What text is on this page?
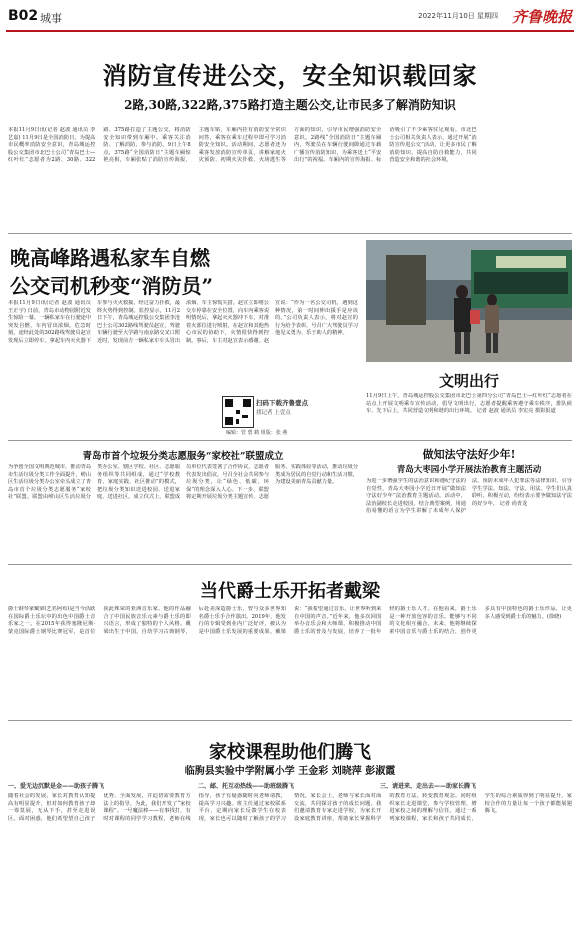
B02 城事	2022年11月10日 星期四 齐鲁晚报
消防宣传进公交，安全知识载回家
2路,30路,322路,375路打造主题公交,让市民多了解消防知识
本报11月9日讯(记者 赵波 通讯员 李艺嘉) 11月9日是全国消防日，为提高市民概率消防安全意识，青岛城运控股公交集团市北巴士公司“青岛巴士—红叶红”志愿者为2路、30路、322路、375路打造了主题公交，将消防安全知识带到车厢中。乘客关注消防、了解消防、参与消防。9日上午8点，375路“全国消防日”主题车厢惊艳亮相，车厢张贴了消防宣传海报、主题车贴，车厢内挂有消防安全常识问答，乘客在乘车过程中即可学习消防安全知识。活动期间，志愿者还为乘客发放消防宣传单页，讲解家庭火灾预防、初期火灾扑救、火场逃生等方面的知识，引导市民增强消防安全意识。2路线“全国消防日”主题车厢内，驾驶员在车辆行驶间隙通过车载广播宣传消防知识，为乘客送上“平安出行”的祝福。车厢内的宣传海报、标语吸引了不少乘客驻足观看。市北巴士公司相关负责人表示，通过开展“消防宣传进公交”活动，让更多市民了解消防知识，提高自防自救能力，共同营造安全和谐的社会环境。
晚高峰路遇私家车自燃
公交司机秒变“消防员”
本报11月9日讯(记者 赵波 通讯员 王正宇) 日前，青岛市动物园附近发生惊险一幕，一辆私家车在行驶途中突发自燃，车内冒出浓烟。危急时刻，途经此处的302路线驾驶员赵宣发现后立即停车，拿起车内灭火器下车参与灭火救援，经过奋力扑救，最终火势得到控制。监控显示，11月2日下午，青岛城运控股公交集团李沧巴士公司302路线驾驶员赵宣，驾驶车辆行驶至大学路与南京路交叉口附近时，发现前方一辆私家车车头冒出浓烟，车主惊慌失措。赵宣立即将公交车停靠在安全位置，向车内乘客说明情况后，拿起灭火器冲下车，对准着火部位进行喷射。在赵宣和其他热心市民的协助下，火情很快得到控制。事后，车主对赵宣表示感谢。赵宣说：“作为一名公交司机，遇到这种情况，第一时间伸出援手是应该的。”公司负责人表示，将对赵宣的行为给予表彰，号召广大驾驶员学习他见义勇为、乐于助人的精神。
扫码下载齐鲁壹点
找记者 上壹点
编辑：管 碧 鹤 组版：张 燕
文明出行
11月9日上午，青岛城运控股公交集团市北巴士第四分公司“青岛巴士—红叶红”志愿者在站点上开展文明乘车宣传活动，倡导文明出行，志愿者提醒乘客遵守乘车秩序，排队候车、先下后上，共同营造文明和谐的出行环境。 记者 赵波 通讯员 李宏亮 摄影报道
青岛市首个垃圾分类志愿服务“家校社”联盟成立
为争创全国文明典范城市，推动青岛市生活垃圾分类工作全面提升，崂山区生活垃圾分类办公室牵头成立了青岛市首个垃圾分类志愿服务“家校社”联盟。联盟由崂山区生活垃圾分类办公室、辖区学校、社区、志愿服务组织等共同组成，通过“学校教育、家庭实践、社区推动”的模式，把垃圾分类知识送进校园、送进家庭、送进社区。成立仪式上，联盟成员单位代表签署了合作协议，志愿者代表发出倡议，号召全社会共同参与垃圾分类，让“绿色、低碳、环保”的理念深入人心。下一步，联盟将定期开展垃圾分类主题宣传、志愿服务、实践体验等活动，推动垃圾分类成为居民的自觉行动和生活习惯，为建设美丽青岛贡献力量。
做知法守法好少年!
青岛大枣园小学开展法治教育主题活动
为进一步增强学生的法治意识和遵纪守法的自觉性，青岛大枣园小学近日开展“做知法守法好少年”法治教育主题活动。活动中，法治副校长走进校园，结合典型案例，用通俗易懂的语言为学生讲解了未成年人保护法、预防未成年人犯罪法等法律知识，引导学生学法、知法、守法、用法。学生们认真聆听，积极互动，纷纷表示要争做知法守法的好少年。 记者 尚青龙
当代爵士乐开拓者戴梁
爵士钢琴家戴梁(艺名阿布)是当今活跃在国际爵士乐坛中的出色中国爵士音乐家之一。在2015年获得塞隆尼斯·蒙克国际爵士钢琴比赛冠军，是首位获此殊荣的亚洲音乐家。他的作品融合了中国民族音乐元素与爵士乐的即兴语言，形成了独特的个人风格。戴梁出生于中国，自幼学习古典钢琴，后赴美深造爵士乐，曾与众多世界知名爵士乐手合作演出。2019年，他发行的专辑受到业内广泛好评，被认为是中国爵士乐发展的重要成果。戴梁说：“我希望通过音乐，让世界听到来自中国的声音。”近年来，他多次回国举办音乐会和大师课，积极推动中国爵士乐的普及与发展，培养了一批年轻的爵士乐人才。在他看来，爵士乐是一种开放包容的音乐，能够与不同的文化相互融合。未来，他将继续探索中国音乐与爵士乐的结合，创作更多具有中国特色的爵士乐作品，让更多人感受到爵士乐的魅力。(徐晓)
家校课程助他们腾飞
临朐县实验中学附属小学 王金彩 刘晓萍 彭淑霞
一、爱无边沉默是金——助孩子腾飞	二、邮、托互动热线——助班级腾飞	三、请进来、走出去——助家长腾飞
随着社会的发展，家长对教育认知提高有明显提升，但对如何教育孩子却一筹莫展，无从下手，甚至走进误区。面对困惑，他们希望望自己孩子优秀、全面发展，并迫切需要教育方法上的指导。为此，我们开发了“家校课程”。一号魔法棒——有事找打，有时对课程的同学学习教程，老师在线指导，孩子有疑惑随时向老师请教，提高学习兴趣。班主任通过家校联系平台，定期向家长反馈学生在校表现，家长也可以随时了解孩子的学习情况。家长会上，老师与家长面对面交流，共同探讨孩子的成长问题。我们邀请教育专家走进学校，为家长开设家庭教育讲座，帮助家长掌握科学的教育方法，转变教育观念。同时组织家长走进课堂，参与学校管理，增进家校之间的理解与信任。通过一系列家校课程，家长和孩子共同成长，学生的综合素质得到了明显提升，家校合作的力量让每一个孩子都能展翅腾飞。
